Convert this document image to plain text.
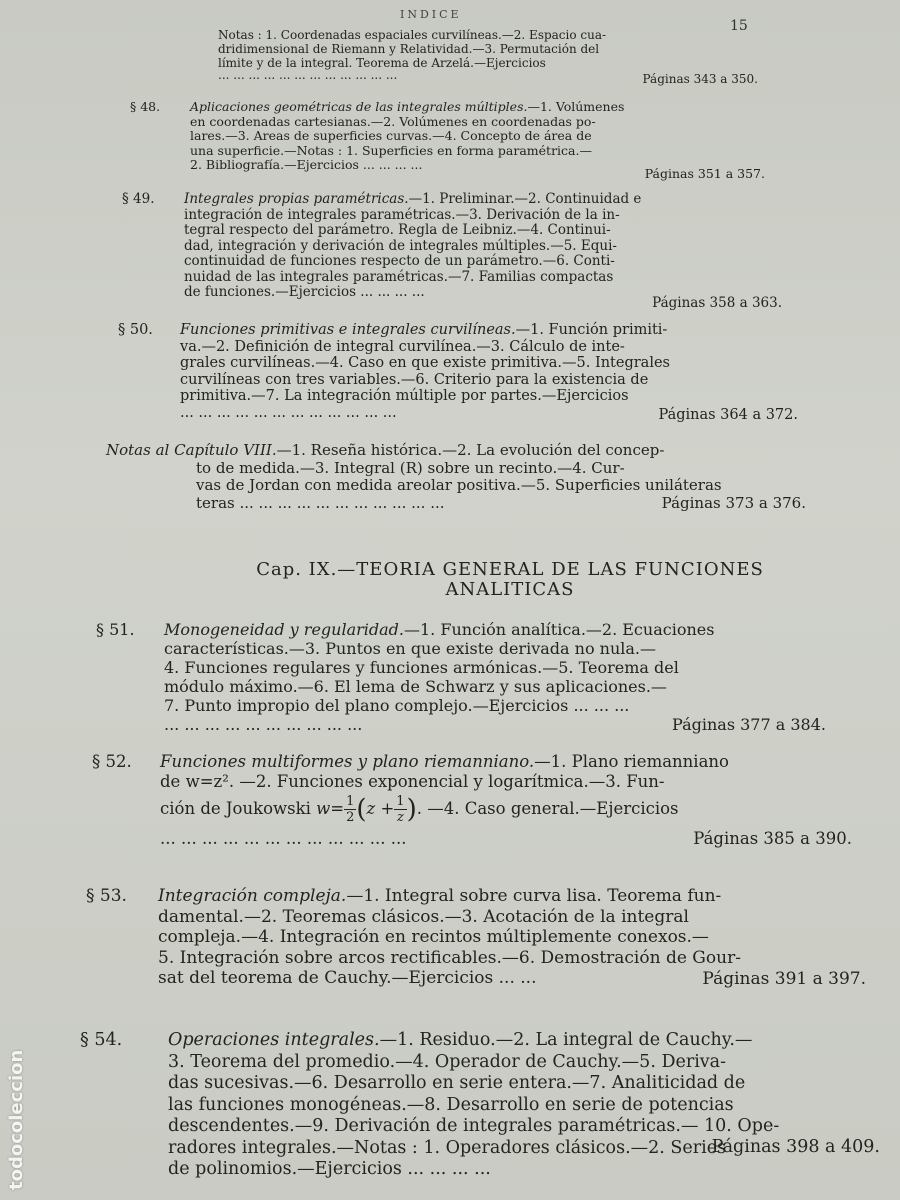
INDICE
15
Notas : 1. Coordenadas espaciales curvilíneas.—2. Espacio cua-
dridimensional de Riemann y Relatividad.—3. Permutación del
límite y de la integral. Teorema de Arzelá.—Ejercicios
... ... ... ... ... ... ... ... ... ... ... ...	Páginas 343 a 350.
§ 48. Aplicaciones geométricas de las integrales múltiples.—1. Volúmenes
en coordenadas cartesianas.—2. Volúmenes en coordenadas po-
lares.—3. Areas de superficies curvas.—4. Concepto de área de
una superficie.—Notas : 1. Superficies en forma paramétrica.—
2. Bibliografía.—Ejercicios ... ... ... ...
Páginas 351 a 357.
§ 49. Integrales propias paramétricas.—1. Preliminar.—2. Continuidad e
integración de integrales paramétricas.—3. Derivación de la in-
tegral respecto del parámetro. Regla de Leibniz.—4. Continui-
dad, integración y derivación de integrales múltiples.—5. Equi-
continuidad de funciones respecto de un parámetro.—6. Conti-
nuidad de las integrales paramétricas.—7. Familias compactas
de funciones.—Ejercicios ... ... ... ...
Páginas 358 a 363.
§ 50. Funciones primitivas e integrales curvilíneas.—1. Función primiti-
va.—2. Definición de integral curvilínea.—3. Cálculo de inte-
grales curvilíneas.—4. Caso en que existe primitiva.—5. Integrales
curvilíneas con tres variables.—6. Criterio para la existencia de
primitiva.—7. La integración múltiple por partes.—Ejercicios
... ... ... ... ... ... ... ... ... ... ... ...	Páginas 364 a 372.
Notas al Capítulo VIII.—1. Reseña histórica.—2. La evolución del concep-
to de medida.—3. Integral (R) sobre un recinto.—4. Cur-
vas de Jordan con medida areolar positiva.—5. Superficies uniláteras
teras ... ... ... ... ... ... ... ... ... ... ...	Páginas 373 a 376.
Cap. IX.—TEORIA GENERAL DE LAS FUNCIONES ANALITICAS
§ 51. Monogeneidad y regularidad.—1. Función analítica.—2. Ecuaciones
características.—3. Puntos en que existe derivada no nula.—
4. Funciones regulares y funciones armónicas.—5. Teorema del
módulo máximo.—6. El lema de Schwarz y sus aplicaciones.—
7. Punto impropio del plano complejo.—Ejercicios ... ... ...
... ... ... ... ... ... ... ... ... ...	Páginas 377 a 384.
§ 52. Funciones multiformes y plano riemanniano.—1. Plano riemanniano
de w=z². —2. Funciones exponencial y logarítmica.—3. Fun-
ción de Joukowski $w= \frac{1}{2} (z + \frac{1}{z}$ ). —4. Caso general.—Ejercicios
... ... ... ... ... ... ... ... ... ... ... ...	Páginas 385 a 390.
§ 53. Integración compleja.—1. Integral sobre curva lisa. Teorema fun-
damental.—2. Teoremas clásicos.—3. Acotación de la integral
compleja.—4. Integración en recintos múltiplemente conexos.—
5. Integración sobre arcos rectificables.—6. Demostración de Gour-
sat del teorema de Cauchy.—Ejercicios ... ...	Páginas 391 a 397.
§ 54.	Operaciones integrales.—1. Residuo.—2. La integral de Cauchy.—
3. Teorema del promedio.—4. Operador de Cauchy.—5. Deriva-
das sucesivas.—6. Desarrollo en serie entera.—7. Analiticidad de
las funciones monogéneas.—8. Desarrollo en serie de potencias
descendentes.—9. Derivación de integrales paramétricas.— 10. Ope-
radores integrales.—Notas : 1. Operadores clásicos.—2. Series
de polinomios.—Ejercicios ... ... ... ...
Páginas 398 a 409.
todocoleccion
